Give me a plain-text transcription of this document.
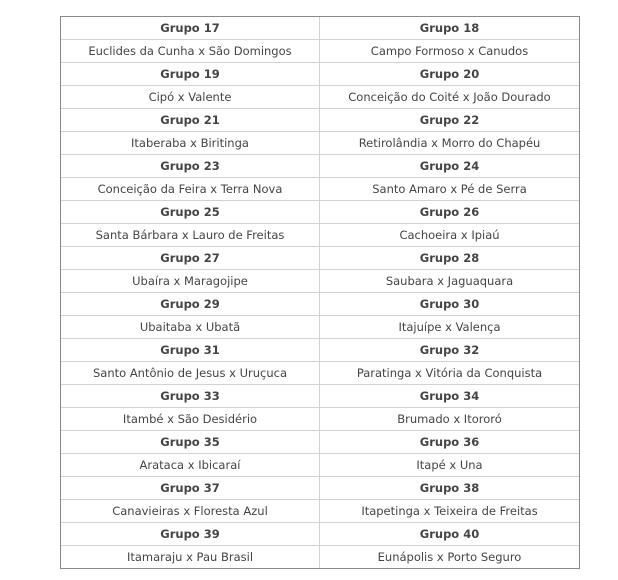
Grupo 17	Grupo 18
Euclides da Cunha x São Domingos	Campo Formoso x Canudos
Grupo 19	Grupo 20
Cipó x Valente	Conceição do Coité x João Dourado
Grupo 21	Grupo 22
Itaberaba x Biritinga	Retirolândia x Morro do Chapéu
Grupo 23	Grupo 24
Conceição da Feira x Terra Nova	Santo Amaro x Pé de Serra
Grupo 25	Grupo 26
Santa Bárbara x Lauro de Freitas	Cachoeira x Ipiaú
Grupo 27	Grupo 28
Ubaíra x Maragojipe	Saubara x Jaguaquara
Grupo 29	Grupo 30
Ubaitaba x Ubatã	Itajuípe x Valença
Grupo 31	Grupo 32
Santo Antônio de Jesus x Uruçuca	Paratinga x Vitória da Conquista
Grupo 33	Grupo 34
Itambé x São Desidério	Brumado x Itororó
Grupo 35	Grupo 36
Arataca x Ibicaraí	Itapé x Una
Grupo 37	Grupo 38
Canavieiras x Floresta Azul	Itapetinga x Teixeira de Freitas
Grupo 39	Grupo 40
Itamaraju x Pau Brasil	Eunápolis x Porto Seguro
